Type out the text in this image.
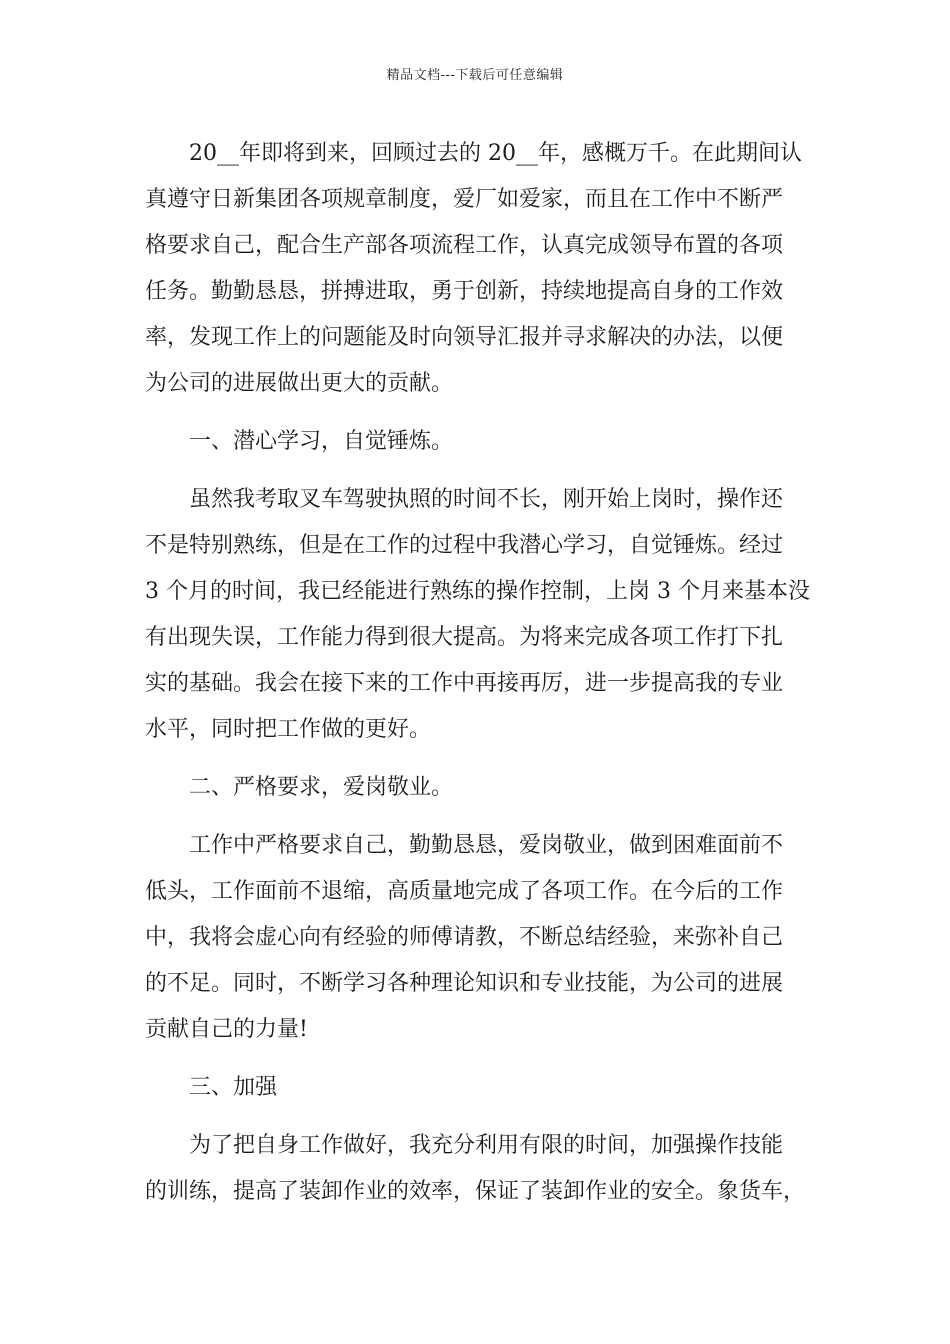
精品文档---下载后可任意编辑
20__年即将到来，回顾过去的 20__年，感概万千。在此期间认
真遵守日新集团各项规章制度，爱厂如爱家，而且在工作中不断严
格要求自己，配合生产部各项流程工作，认真完成领导布置的各项
任务。勤勤恳恳，拼搏进取，勇于创新，持续地提高自身的工作效
率，发现工作上的问题能及时向领导汇报并寻求解决的办法，以便
为公司的进展做出更大的贡献。
一、潜心学习，自觉锤炼。
虽然我考取叉车驾驶执照的时间不长，刚开始上岗时，操作还
不是特别熟练，但是在工作的过程中我潜心学习，自觉锤炼。经过
3 个月的时间，我已经能进行熟练的操作控制，上岗 3 个月来基本没
有出现失误，工作能力得到很大提高。为将来完成各项工作打下扎
实的基础。我会在接下来的工作中再接再厉，进一步提高我的专业
水平，同时把工作做的更好。
二、严格要求，爱岗敬业。
工作中严格要求自己，勤勤恳恳，爱岗敬业，做到困难面前不
低头，工作面前不退缩，高质量地完成了各项工作。在今后的工作
中，我将会虚心向有经验的师傅请教，不断总结经验，来弥补自己
的不足。同时，不断学习各种理论知识和专业技能，为公司的进展
贡献自己的力量!
三、加强
为了把自身工作做好，我充分利用有限的时间，加强操作技能
的训练，提高了装卸作业的效率，保证了装卸作业的安全。象货车，
